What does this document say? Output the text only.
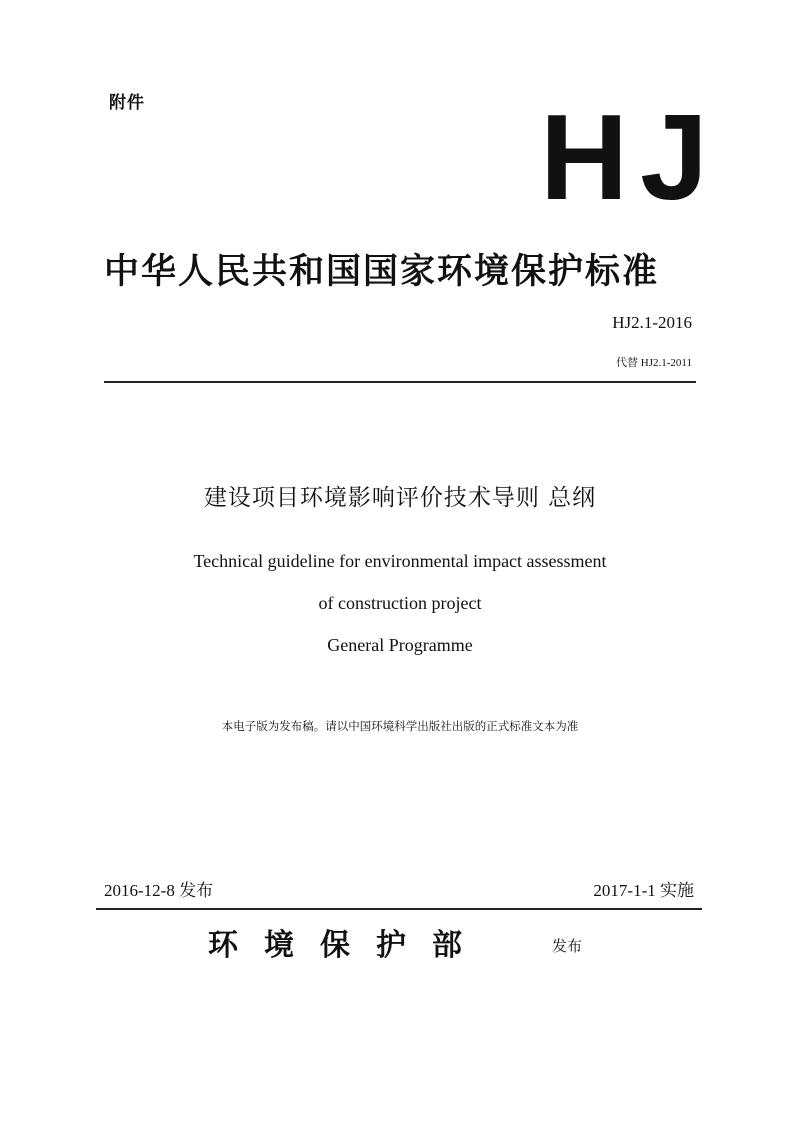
附件	HJ
中华人民共和国国家环境保护标准
HJ2.1-2016
代替 HJ2.1-2011
建设项目环境影响评价技术导则 总纲
Technical guideline for environmental impact assessment
of construction project
General Programme
本电子版为发布稿。请以中国环境科学出版社出版的正式标准文本为准
2016-12-8 发布	2017-1-1 实施
环境保护部	发布
